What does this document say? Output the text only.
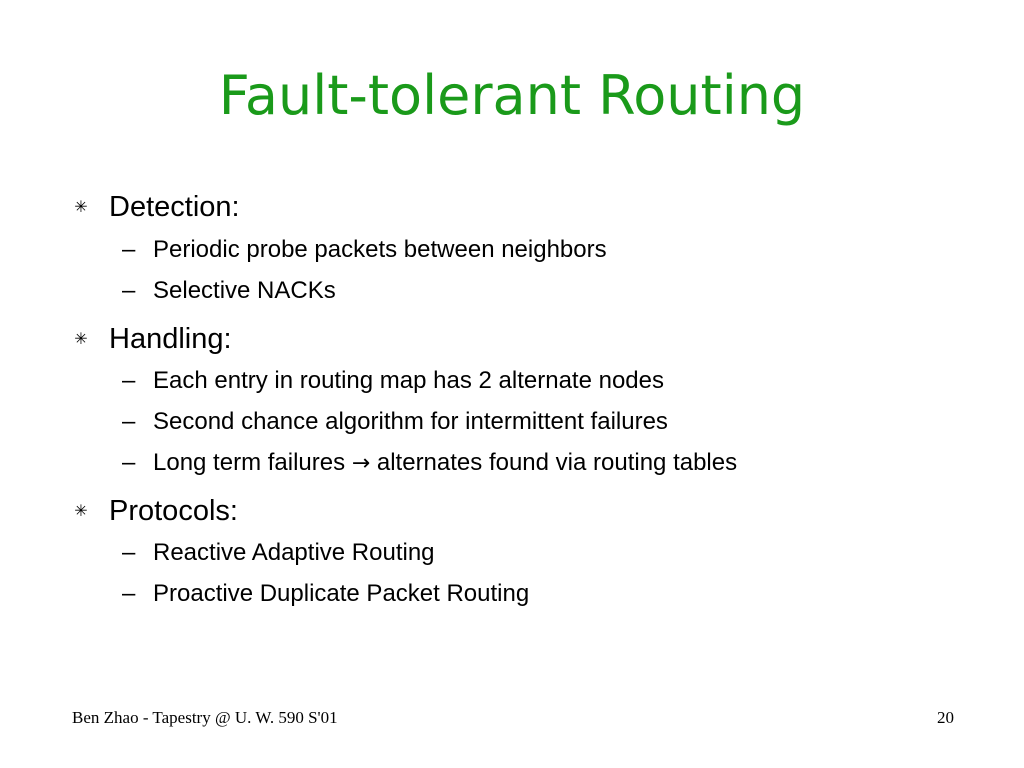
Fault-tolerant Routing
✳ Detection:
– Periodic probe packets between neighbors
– Selective NACKs
✳ Handling:
– Each entry in routing map has 2 alternate nodes
– Second chance algorithm for intermittent failures
– Long term failures → alternates found via routing tables
✳ Protocols:
– Reactive Adaptive Routing
– Proactive Duplicate Packet Routing
Ben Zhao - Tapestry @ U. W. 590 S'01	20
